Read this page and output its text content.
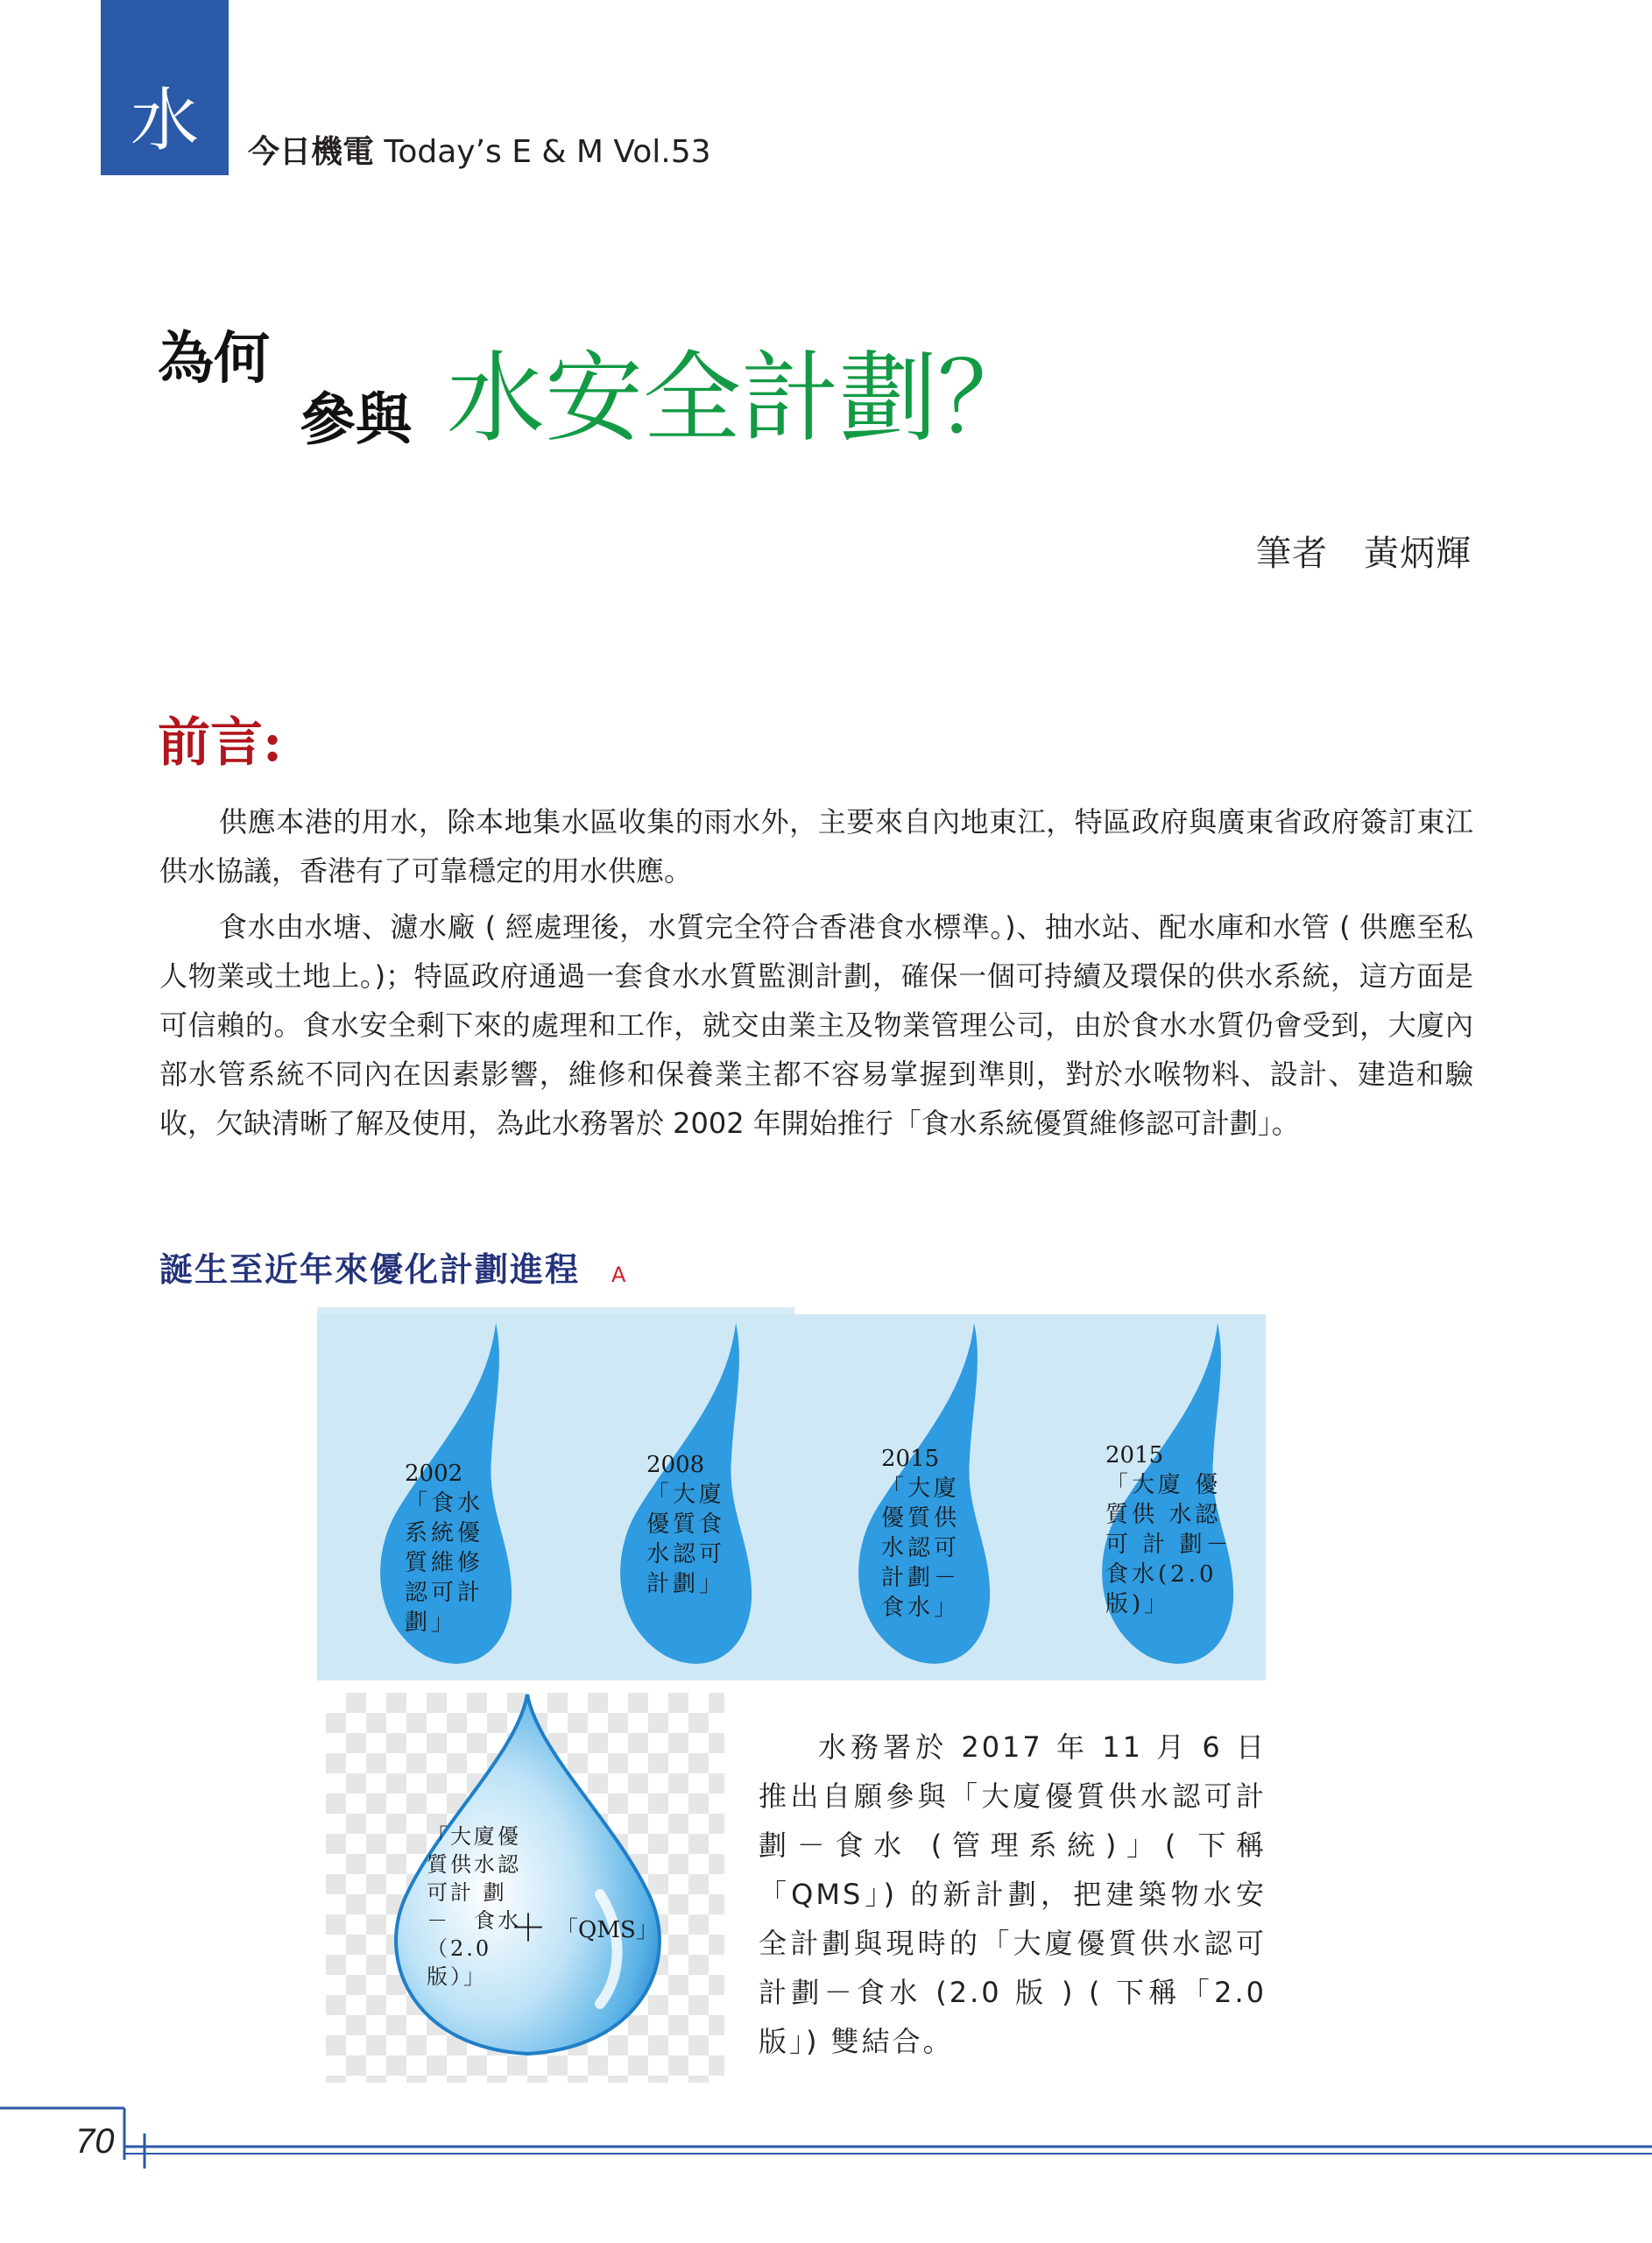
水	今日機電 Today’s E & M Vol.53
為何
參與 水安全計劃？
筆者　黃炳輝
前言:
供應本港的用水，除本地集水區收集的雨水外，主要來自內地東江，特區政府與廣東省政府簽訂東江供水協議，香港有了可靠穩定的用水供應。
食水由水塘、濾水廠 ( 經處理後，水質完全符合香港食水標準。)、抽水站、配水庫和水管 ( 供應至私人物業或土地上。)；特區政府通過一套食水水質監測計劃，確保一個可持續及環保的供水系統，這方面是可信賴的。食水安全剩下來的處理和工作，就交由業主及物業管理公司，由於食水水質仍會受到，大廈內部水管系統不同內在因素影響，維修和保養業主都不容易掌握到準則，對於水喉物料、設計、建造和驗收，欠缺清晰了解及使用，為此水務署於 2002 年開始推行「食水系統優質維修認可計劃」。
誕生至近年來優化計劃進程 A
2002
「食水系統優質維修認可計劃」
2008
「大廈優質食水認可計劃」
2015
「大廈優質供水認可計劃－食水」
2015
「大廈 優質供 水認可 計 劃－　食水(2.0版)」
「大廈優質供水認可計 劃－　食水（2.0版）」
＋ 「QMS」
水務署於 2017 年 11 月 6 日推出自願參與「大廈優質供水認可計劃－食水 (管理系統)」( 下稱「QMS」) 的新計劃，把建築物水安全計劃與現時的「大廈優質供水認可計劃－食水 (2.0 版 ) ( 下稱「2.0 版」) 雙結合。
70
